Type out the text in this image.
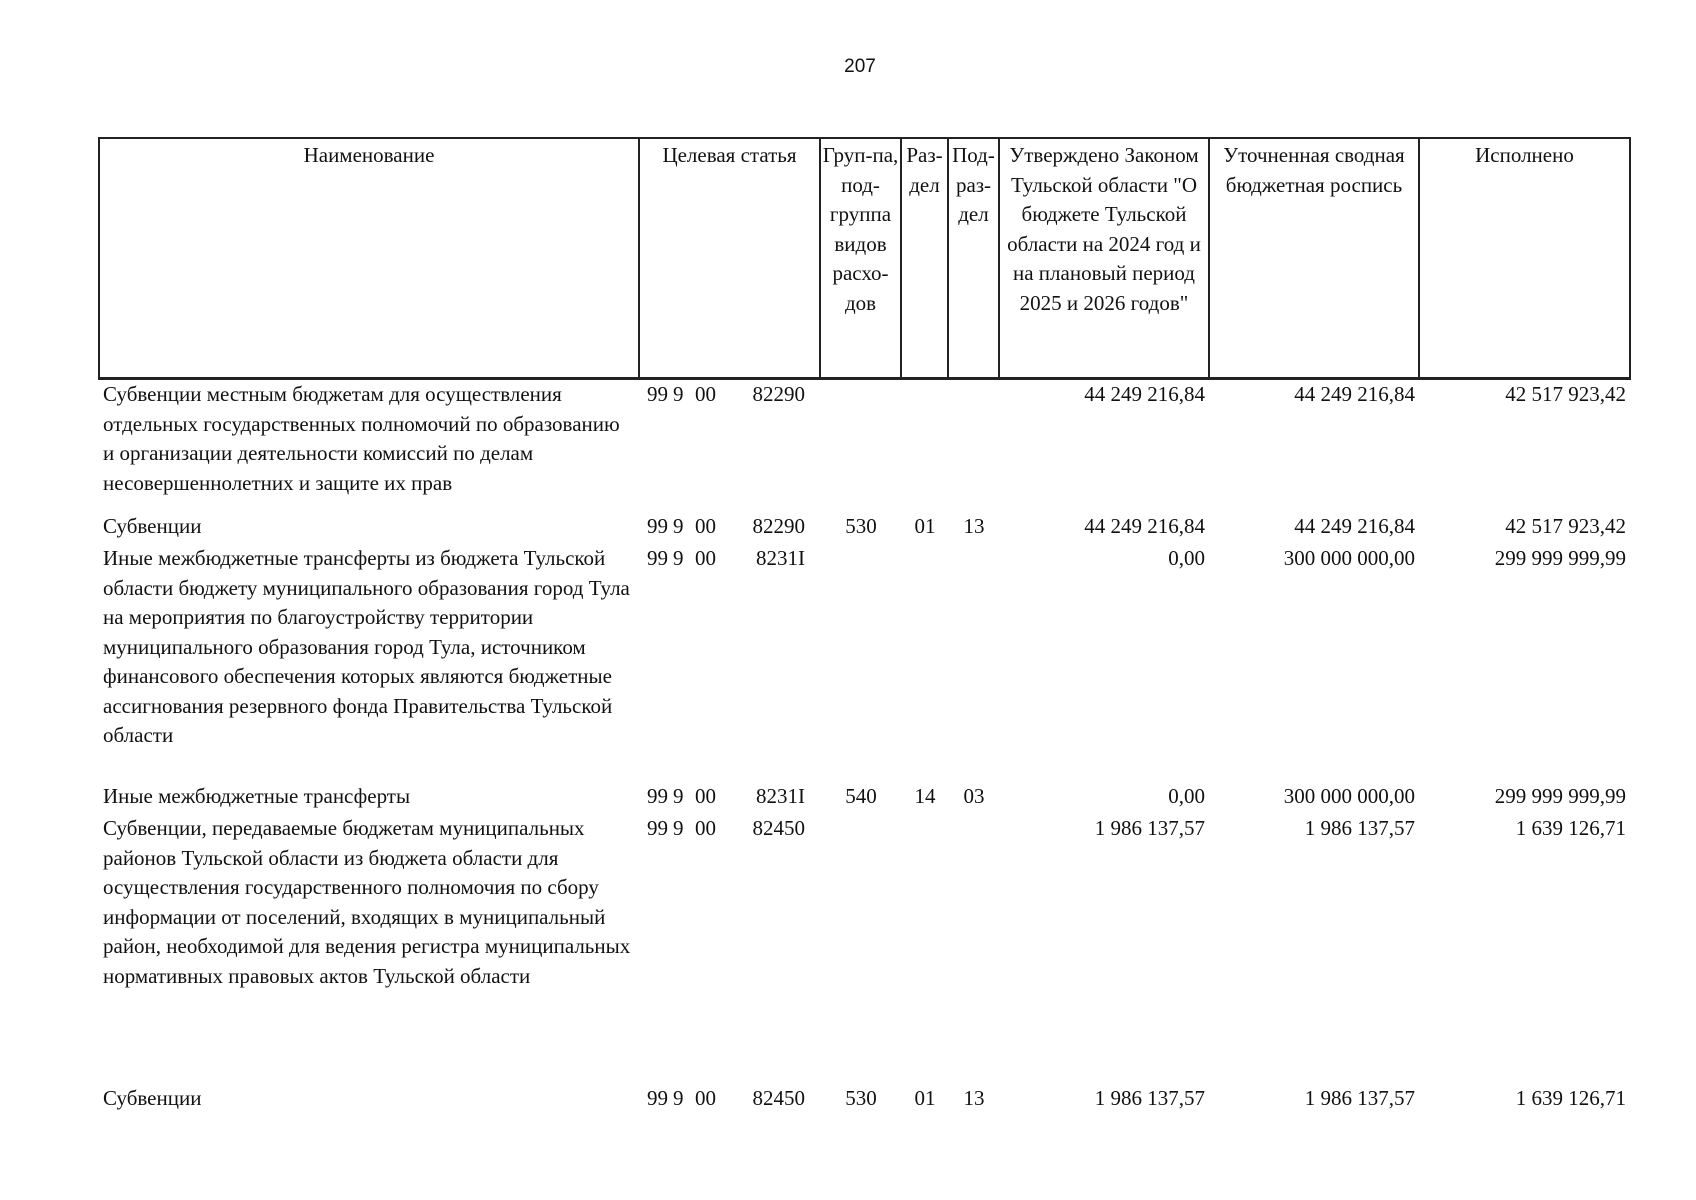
207
Наименование	Целевая статья	Груп-па, под-группа видов расхо-дов	Раз-дел	Под-раз-дел	Утверждено Законом Тульской области "О бюджете Тульской области на 2024 год и на плановый период 2025 и 2026 годов"	Уточненная сводная бюджетная роспись	Исполнено
Субвенции местным бюджетам для осуществления отдельных государственных полномочий по образованию и организации деятельности комиссий по делам несовершеннолетних и защите их прав	99 9 00 82290				44 249 216,84	44 249 216,84	42 517 923,42
Субвенции	99 9 00 82290	530	01	13	44 249 216,84	44 249 216,84	42 517 923,42
Иные межбюджетные трансферты из бюджета Тульской области бюджету муниципального образования город Тула на мероприятия по благоустройству территории муниципального образования город Тула, источником финансового обеспечения которых являются бюджетные ассигнования резервного фонда Правительства Тульской области	99 9 00 8231I				0,00	300 000 000,00	299 999 999,99
Иные межбюджетные трансферты	99 9 00 8231I	540	14	03	0,00	300 000 000,00	299 999 999,99
Субвенции, передаваемые бюджетам муниципальных районов Тульской области из бюджета области для осуществления государственного полномочия по сбору информации от поселений, входящих в муниципальный район, необходимой для ведения регистра муниципальных нормативных правовых актов Тульской области	99 9 00 82450				1 986 137,57	1 986 137,57	1 639 126,71
Субвенции	99 9 00 82450	530	01	13	1 986 137,57	1 986 137,57	1 639 126,71
